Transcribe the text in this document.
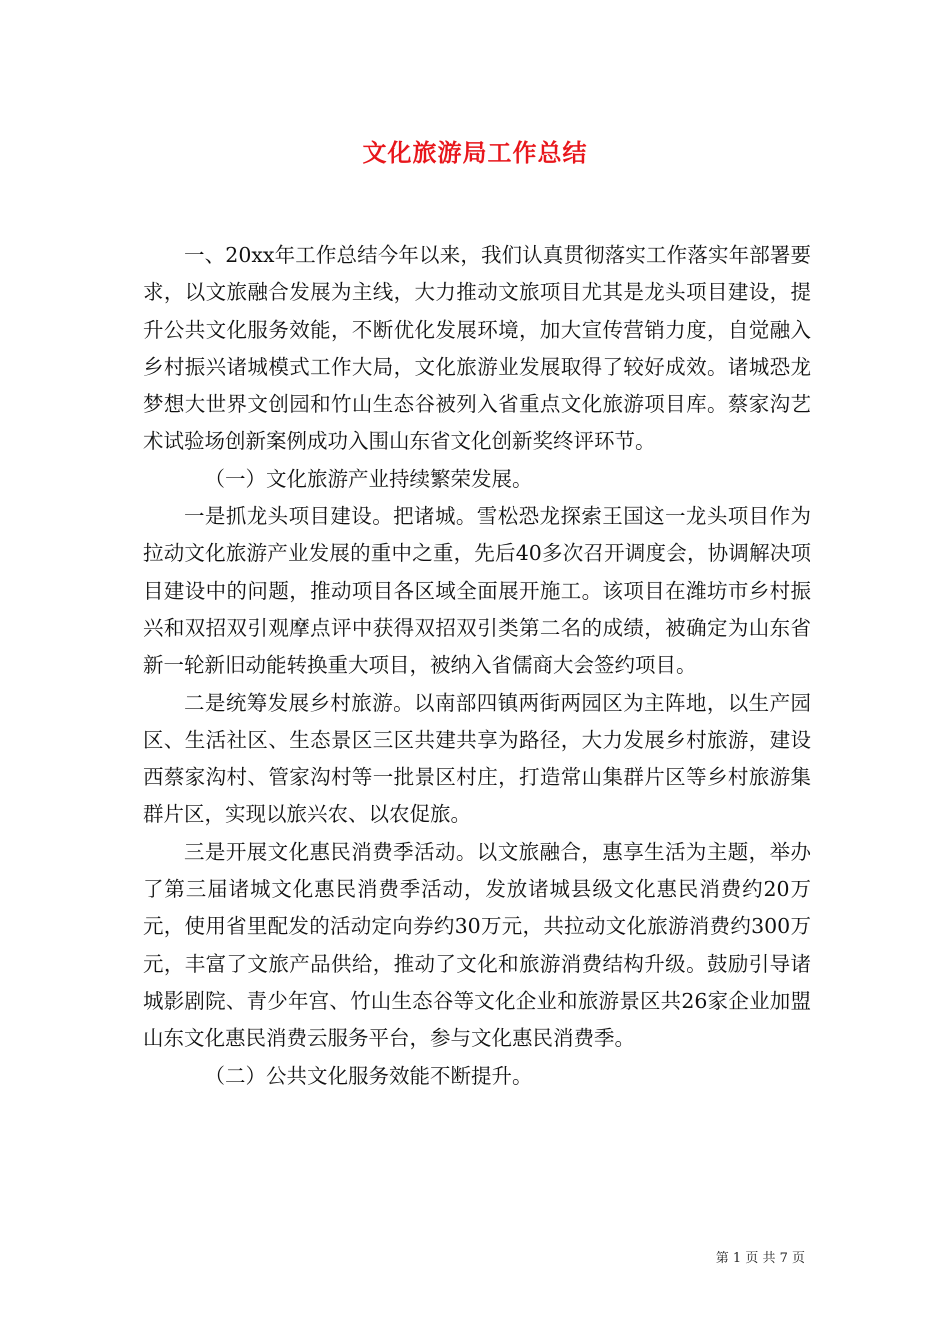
文化旅游局工作总结

一、20xx年工作总结今年以来，我们认真贯彻落实工作落实年部署要求，以文旅融合发展为主线，大力推动文旅项目尤其是龙头项目建设，提升公共文化服务效能，不断优化发展环境，加大宣传营销力度，自觉融入乡村振兴诸城模式工作大局，文化旅游业发展取得了较好成效。诸城恐龙梦想大世界文创园和竹山生态谷被列入省重点文化旅游项目库。蔡家沟艺术试验场创新案例成功入围山东省文化创新奖终评环节。

（一）文化旅游产业持续繁荣发展。

一是抓龙头项目建设。把诸城。雪松恐龙探索王国这一龙头项目作为拉动文化旅游产业发展的重中之重，先后40多次召开调度会，协调解决项目建设中的问题，推动项目各区域全面展开施工。该项目在潍坊市乡村振兴和双招双引观摩点评中获得双招双引类第二名的成绩，被确定为山东省新一轮新旧动能转换重大项目，被纳入省儒商大会签约项目。

二是统筹发展乡村旅游。以南部四镇两街两园区为主阵地，以生产园区、生活社区、生态景区三区共建共享为路径，大力发展乡村旅游，建设西蔡家沟村、管家沟村等一批景区村庄，打造常山集群片区等乡村旅游集群片区，实现以旅兴农、以农促旅。

三是开展文化惠民消费季活动。以文旅融合，惠享生活为主题，举办了第三届诸城文化惠民消费季活动，发放诸城县级文化惠民消费约20万元，使用省里配发的活动定向券约30万元，共拉动文化旅游消费约300万元，丰富了文旅产品供给，推动了文化和旅游消费结构升级。鼓励引导诸城影剧院、青少年宫、竹山生态谷等文化企业和旅游景区共26家企业加盟山东文化惠民消费云服务平台，参与文化惠民消费季。

（二）公共文化服务效能不断提升。

第 1 页 共 7 页
